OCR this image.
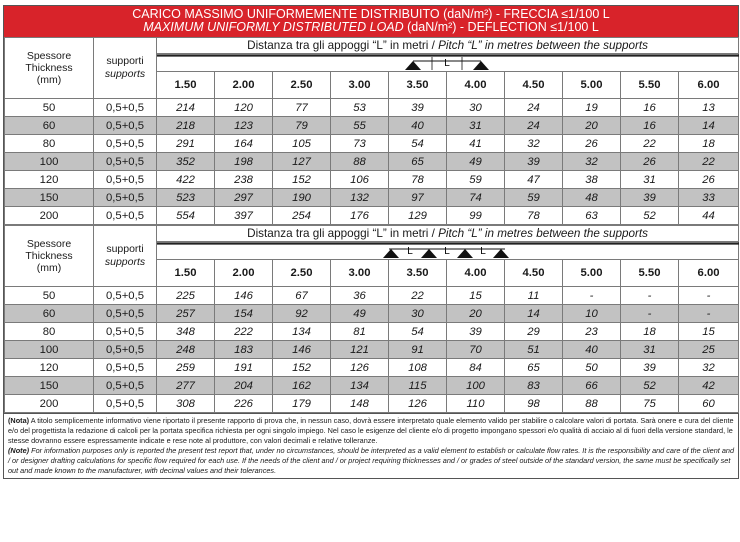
CARICO MASSIMO UNIFORMEMENTE DISTRIBUITO (daN/m²) - FRECCIA ≤1/100 L
MAXIMUM UNIFORMLY DISTRIBUTED LOAD (daN/m²) - DEFLECTION ≤1/100 L
Spessore
Thickness
(mm)	supporti
supports	Distanza tra gli appoggi “L” in metri / Pitch “L” in metres between the supports									

L									

		1.50	2.00	2.50	3.00	3.50	4.00	4.50	5.00	5.50	6.00
50	0,5+0,5	214	120	77	53	39	30	24	19	16	13
60	0,5+0,5	218	123	79	55	40	31	24	20	16	14
80	0,5+0,5	291	164	105	73	54	41	32	26	22	18
100	0,5+0,5	352	198	127	88	65	49	39	32	26	22
120	0,5+0,5	422	238	152	106	78	59	47	38	31	26
150	0,5+0,5	523	297	190	132	97	74	59	48	39	33
200	0,5+0,5	554	397	254	176	129	99	78	63	52	44
Spessore
Thickness
(mm)	supporti
supports	Distanza tra gli appoggi “L” in metri / Pitch “L” in metres between the supports									

L L L									

		1.50	2.00	2.50	3.00	3.50	4.00	4.50	5.00	5.50	6.00
50	0,5+0,5	225	146	67	36	22	15	11	-	-	-
60	0,5+0,5	257	154	92	49	30	20	14	10	-	-
80	0,5+0,5	348	222	134	81	54	39	29	23	18	15
100	0,5+0,5	248	183	146	121	91	70	51	40	31	25
120	0,5+0,5	259	191	152	126	108	84	65	50	39	32
150	0,5+0,5	277	204	162	134	115	100	83	66	52	42
200	0,5+0,5	308	226	179	148	126	110	98	88	75	60
(Nota) A titolo semplicemente informativo viene riportato il presente rapporto di prova che, in nessun caso, dovrà essere interpretato quale elemento valido per stabilire o calcolare valori di portata. Sarà onere e cura del cliente e/o del progettista la redazione di calcoli per la portata specifica richiesta per ogni singolo impiego. Nel caso le esigenze del cliente e/o di progetto impongano spessori e/o qualità di acciaio al di fuori della versione standard, le stesse dovranno essere espressamente indicate e rese note al produttore, con valori decimali e relative tolleranze.
(Note) For information purposes only is reported the present test report that, under no circumstances, should be interpreted as a valid element to establish or calculate flow rates. It is the responsibility and care of the client and / or designer drafting calculations for specific flow required for each use. If the needs of the client and / or project requiring thicknesses and / or grades of steel outside of the standard version, the same must be specifically set out and made known to the manufacturer, with decimal values and their tolerances.
